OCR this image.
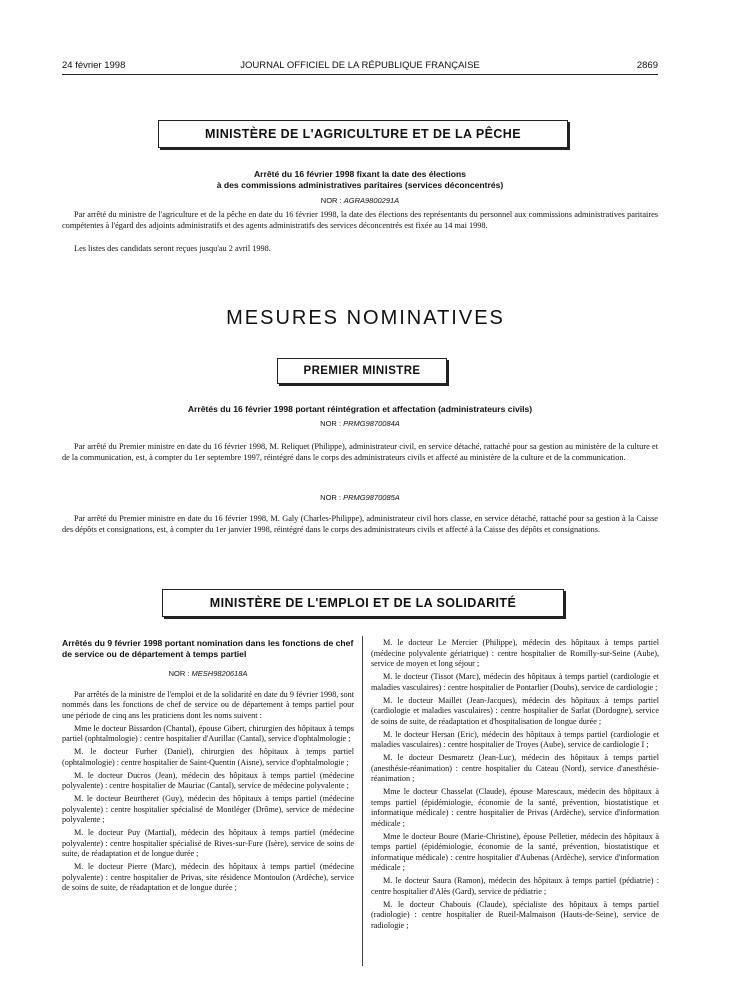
24 février 1998	JOURNAL OFFICIEL DE LA RÉPUBLIQUE FRANÇAISE	2869
MINISTÈRE DE L'AGRICULTURE ET DE LA PÊCHE
Arrêté du 16 février 1998 fixant la date des élections
à des commissions administratives paritaires (services déconcentrés)
NOR : AGRA9800291A
Par arrêté du ministre de l'agriculture et de la pêche en date du 16 février 1998, la date des élections des représentants du personnel aux commissions administratives paritaires compétentes à l'égard des adjoints administratifs et des agents administratifs des services déconcentrés est fixée au 14 mai 1998.
Les listes des candidats seront reçues jusqu'au 2 avril 1998.
MESURES NOMINATIVES
PREMIER MINISTRE
Arrêtés du 16 février 1998 portant réintégration et affectation (administrateurs civils)
NOR : PRMG9870084A
Par arrêté du Premier ministre en date du 16 février 1998, M. Reliquet (Philippe), administrateur civil, en service détaché, rattaché pour sa gestion au ministère de la culture et de la communication, est, à compter du 1er septembre 1997, réintégré dans le corps des administrateurs civils et affecté au ministère de la culture et de la communication.
NOR : PRMG9870085A
Par arrêté du Premier ministre en date du 16 février 1998, M. Galy (Charles-Philippe), administrateur civil hors classe, en service détaché, rattaché pour sa gestion à la Caisse des dépôts et consignations, est, à compter du 1er janvier 1998, réintégré dans le corps des administrateurs civils et affecté à la Caisse des dépôts et consignations.
MINISTÈRE DE L'EMPLOI ET DE LA SOLIDARITÉ
Arrêtés du 9 février 1998 portant nomination dans les fonctions de chef de service ou de département à temps partiel
NOR : MESH9820618A
Par arrêtés de la ministre de l'emploi et de la solidarité en date du 9 février 1998, sont nommés dans les fonctions de chef de service ou de département à temps partiel pour une période de cinq ans les praticiens dont les noms suivent :
Mme le docteur Bissardon (Chantal), épouse Gibert, chirurgien des hôpitaux à temps partiel (ophtalmologie) : centre hospitalier d'Aurillac (Cantal), service d'ophtalmologie ;
M. le docteur Furher (Daniel), chirurgien des hôpitaux à temps partiel (ophtalmologie) : centre hospitalier de Saint-Quentin (Aisne), service d'ophtalmologie ;
M. le docteur Ducros (Jean), médecin des hôpitaux à temps partiel (médecine polyvalente) : centre hospitalier de Mauriac (Cantal), service de médecine polyvalente ;
M. le docteur Beurtheret (Guy), médecin des hôpitaux à temps partiel (médecine polyvalente) : centre hospitalier spécialisé de Montléger (Drôme), service de médecine polyvalente ;
M. le docteur Puy (Martial), médecin des hôpitaux à temps partiel (médecine polyvalente) : centre hospitalier spécialisé de Rives-sur-Fure (Isère), service de soins de suite, de réadaptation et de longue durée ;
M. le docteur Pierre (Marc), médecin des hôpitaux à temps partiel (médecine polyvalente) : centre hospitalier de Privas, site résidence Montoulon (Ardèche), service de soins de suite, de réadaptation et de longue durée ;
M. le docteur Le Mercier (Philippe), médecin des hôpitaux à temps partiel (médecine polyvalente gériatrique) : centre hospitalier de Romilly-sur-Seine (Aube), service de moyen et long séjour ;
M. le docteur (Tissot (Marc), médecin des hôpitaux à temps partiel (cardiologie et maladies vasculaires) : centre hospitalier de Pontarlier (Doubs), service de cardiologie ;
M. le docteur Maillet (Jean-Jacques), médecin des hôpitaux à temps partiel (cardiologie et maladies vasculaires) : centre hospitalier de Sarlat (Dordogne), service de soins de suite, de réadaptation et d'hospitalisation de longue durée ;
M. le docteur Hersan (Eric), médecin des hôpitaux à temps partiel (cardiologie et maladies vasculaires) : centre hospitalier de Troyes (Aube), service de cardiologie I ;
M. le docteur Desmaretz (Jean-Luc), médecin des hôpitaux à temps partiel (anesthésie-réanimation) : centre hospitalier du Cateau (Nord), service d'anesthésie-réanimation ;
Mme le docteur Chasselat (Claude), épouse Marescaux, médecin des hôpitaux à temps partiel (épidémiologie, économie de la santé, prévention, biostatistique et informatique médicale) : centre hospitalier de Privas (Ardèche), service d'information médicale ;
Mme le docteur Boure (Marie-Christine), épouse Pelletier, médecin des hôpitaux à temps partiel (épidémiologie, économie de la santé, prévention, biostatistique et informatique médicale) : centre hospitalier d'Aubenas (Ardèche), service d'information médicale ;
M. le docteur Saura (Ramon), médecin des hôpitaux à temps partiel (pédiatrie) : centre hospitalier d'Alès (Gard), service de pédiatrie ;
M. le docteur Chabouis (Claude), spécialiste des hôpitaux à temps partiel (radiologie) : centre hospitalier de Rueil-Malmaison (Hauts-de-Seine), service de radiologie ;
